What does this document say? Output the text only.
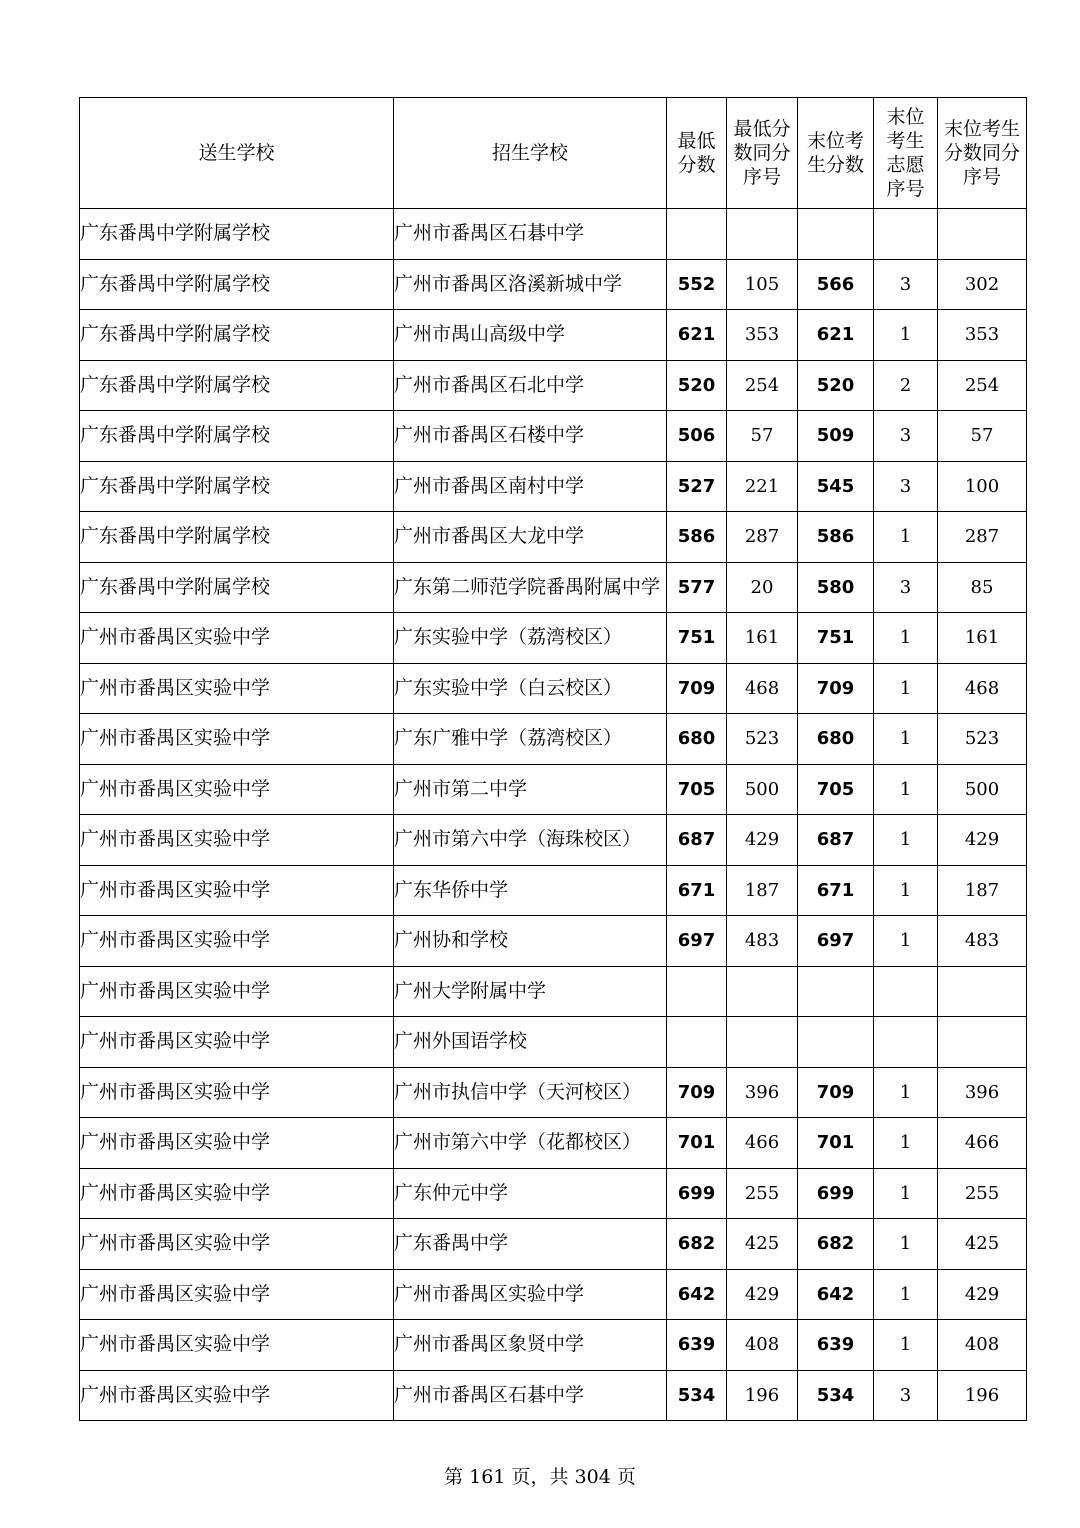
送生学校	招生学校	最低分数	最低分数同分序号	末位考生分数	末位考生志愿序号	末位考生分数同分序号
广东番禺中学附属学校	广州市番禺区石碁中学					
广东番禺中学附属学校	广州市番禺区洛溪新城中学	552	105	566	3	302
广东番禺中学附属学校	广州市禺山高级中学	621	353	621	1	353
广东番禺中学附属学校	广州市番禺区石北中学	520	254	520	2	254
广东番禺中学附属学校	广州市番禺区石楼中学	506	57	509	3	57
广东番禺中学附属学校	广州市番禺区南村中学	527	221	545	3	100
广东番禺中学附属学校	广州市番禺区大龙中学	586	287	586	1	287
广东番禺中学附属学校	广东第二师范学院番禺附属中学	577	20	580	3	85
广州市番禺区实验中学	广东实验中学（荔湾校区）	751	161	751	1	161
广州市番禺区实验中学	广东实验中学（白云校区）	709	468	709	1	468
广州市番禺区实验中学	广东广雅中学（荔湾校区）	680	523	680	1	523
广州市番禺区实验中学	广州市第二中学	705	500	705	1	500
广州市番禺区实验中学	广州市第六中学（海珠校区）	687	429	687	1	429
广州市番禺区实验中学	广东华侨中学	671	187	671	1	187
广州市番禺区实验中学	广州协和学校	697	483	697	1	483
广州市番禺区实验中学	广州大学附属中学					
广州市番禺区实验中学	广州外国语学校					
广州市番禺区实验中学	广州市执信中学（天河校区）	709	396	709	1	396
广州市番禺区实验中学	广州市第六中学（花都校区）	701	466	701	1	466
广州市番禺区实验中学	广东仲元中学	699	255	699	1	255
广州市番禺区实验中学	广东番禺中学	682	425	682	1	425
广州市番禺区实验中学	广州市番禺区实验中学	642	429	642	1	429
广州市番禺区实验中学	广州市番禺区象贤中学	639	408	639	1	408
广州市番禺区实验中学	广州市番禺区石碁中学	534	196	534	3	196
第 161 页，共 304 页
